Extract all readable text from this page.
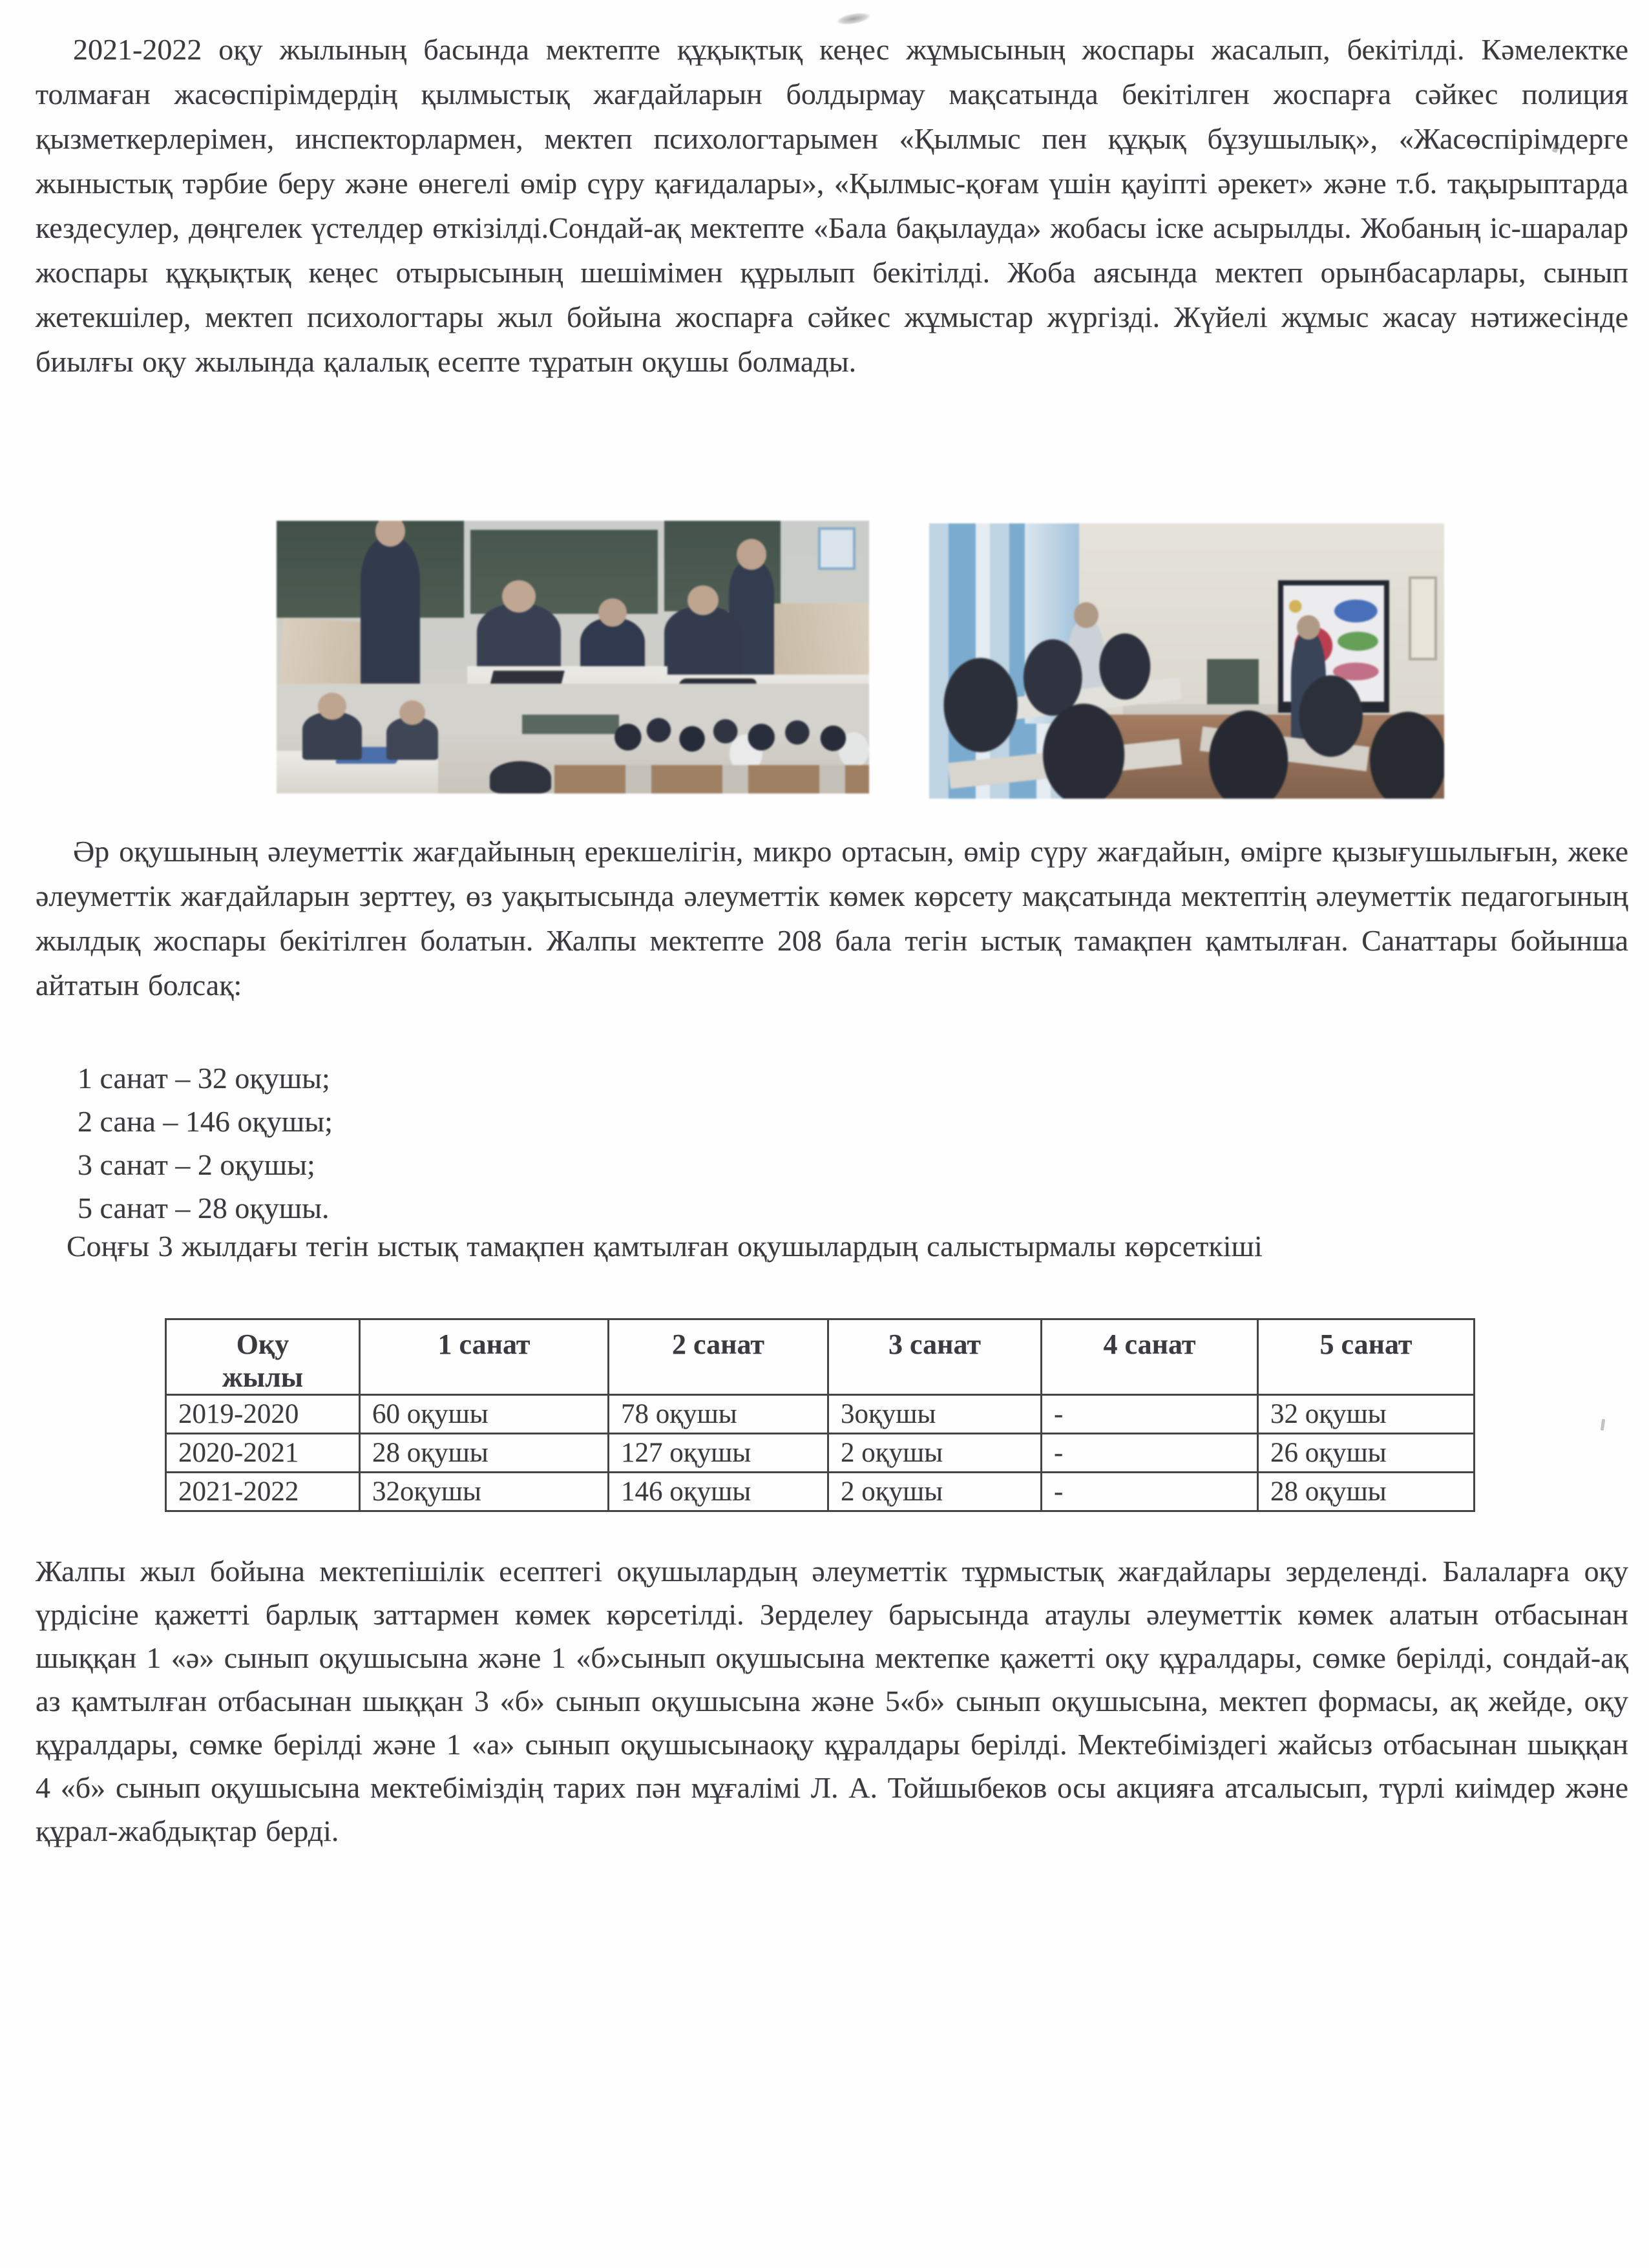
2021-2022 оқу жылының басында мектепте құқықтық кеңес жұмысының жоспары жасалып, бекітілді. Кәмелектке толмаған жасөспірімдердің қылмыстық жағдайларын болдырмау мақсатында бекітілген жоспарға сәйкес полиция қызметкерлерімен, инспекторлармен, мектеп психологтарымен «Қылмыс пен құқық бұзушылық», «Жасөспірімдерге жыныстық тәрбие беру және өнегелі өмір сүру қағидалары», «Қылмыс-қоғам үшін қауіпті әрекет» және т.б. тақырыптарда кездесулер, дөңгелек үстелдер өткізілді.Сондай-ақ мектепте «Бала бақылауда» жобасы іске асырылды. Жобаның іс-шаралар жоспары құқықтық кеңес отырысының шешімімен құрылып бекітілді. Жоба аясында мектеп орынбасарлары, сынып жетекшілер, мектеп психологтары жыл бойына жоспарға сәйкес жұмыстар жүргізді. Жүйелі жұмыс жасау нәтижесінде биылғы оқу жылында қалалық есепте тұратын оқушы болмады.

Әр оқушының әлеуметтік жағдайының ерекшелігін, микро ортасын, өмір сүру жағдайын, өмірге қызығушылығын, жеке әлеуметтік жағдайларын зерттеу, өз уақытысында әлеуметтік көмек көрсету мақсатында мектептің әлеуметтік педагогының жылдық жоспары бекітілген болатын. Жалпы мектепте 208 бала тегін ыстық тамақпен қамтылған. Санаттары бойынша айтатын болсақ:

1 санат – 32 оқушы;
2 сана – 146 оқушы;
3 санат – 2 оқушы;
5 санат – 28 оқушы.

Соңғы 3 жылдағы тегін ыстық тамақпен қамтылған оқушылардың салыстырмалы көрсеткіші

Оқу жылы	1 санат	2 санат	3 санат	4 санат	5 санат
2019-2020	60 оқушы	78 оқушы	3оқушы	-	32 оқушы
2020-2021	28 оқушы	127 оқушы	2 оқушы	-	26 оқушы
2021-2022	32оқушы	146 оқушы	2 оқушы	-	28 оқушы

Жалпы жыл бойына мектепішілік есептегі оқушылардың әлеуметтік тұрмыстық жағдайлары зерделенді. Балаларға оқу үрдісіне қажетті барлық заттармен көмек көрсетілді. Зерделеу барысында атаулы әлеуметтік көмек алатын отбасынан шыққан 1 «ә» сынып оқушысына және 1 «б»сынып оқушысына мектепке қажетті оқу құралдары, сөмке берілді, сондай-ақ аз қамтылған отбасынан шыққан 3 «б» сынып оқушысына және 5«б» сынып оқушысына, мектеп формасы, ақ жейде, оқу құралдары, сөмке берілді және 1 «а» сынып оқушысынаоқу құралдары берілді. Мектебіміздегі жайсыз отбасынан шыққан 4 «б» сынып оқушысына мектебіміздің тарих пән мұғалімі Л. А. Тойшыбеков осы акцияға атсалысып, түрлі киімдер және құрал-жабдықтар берді.
